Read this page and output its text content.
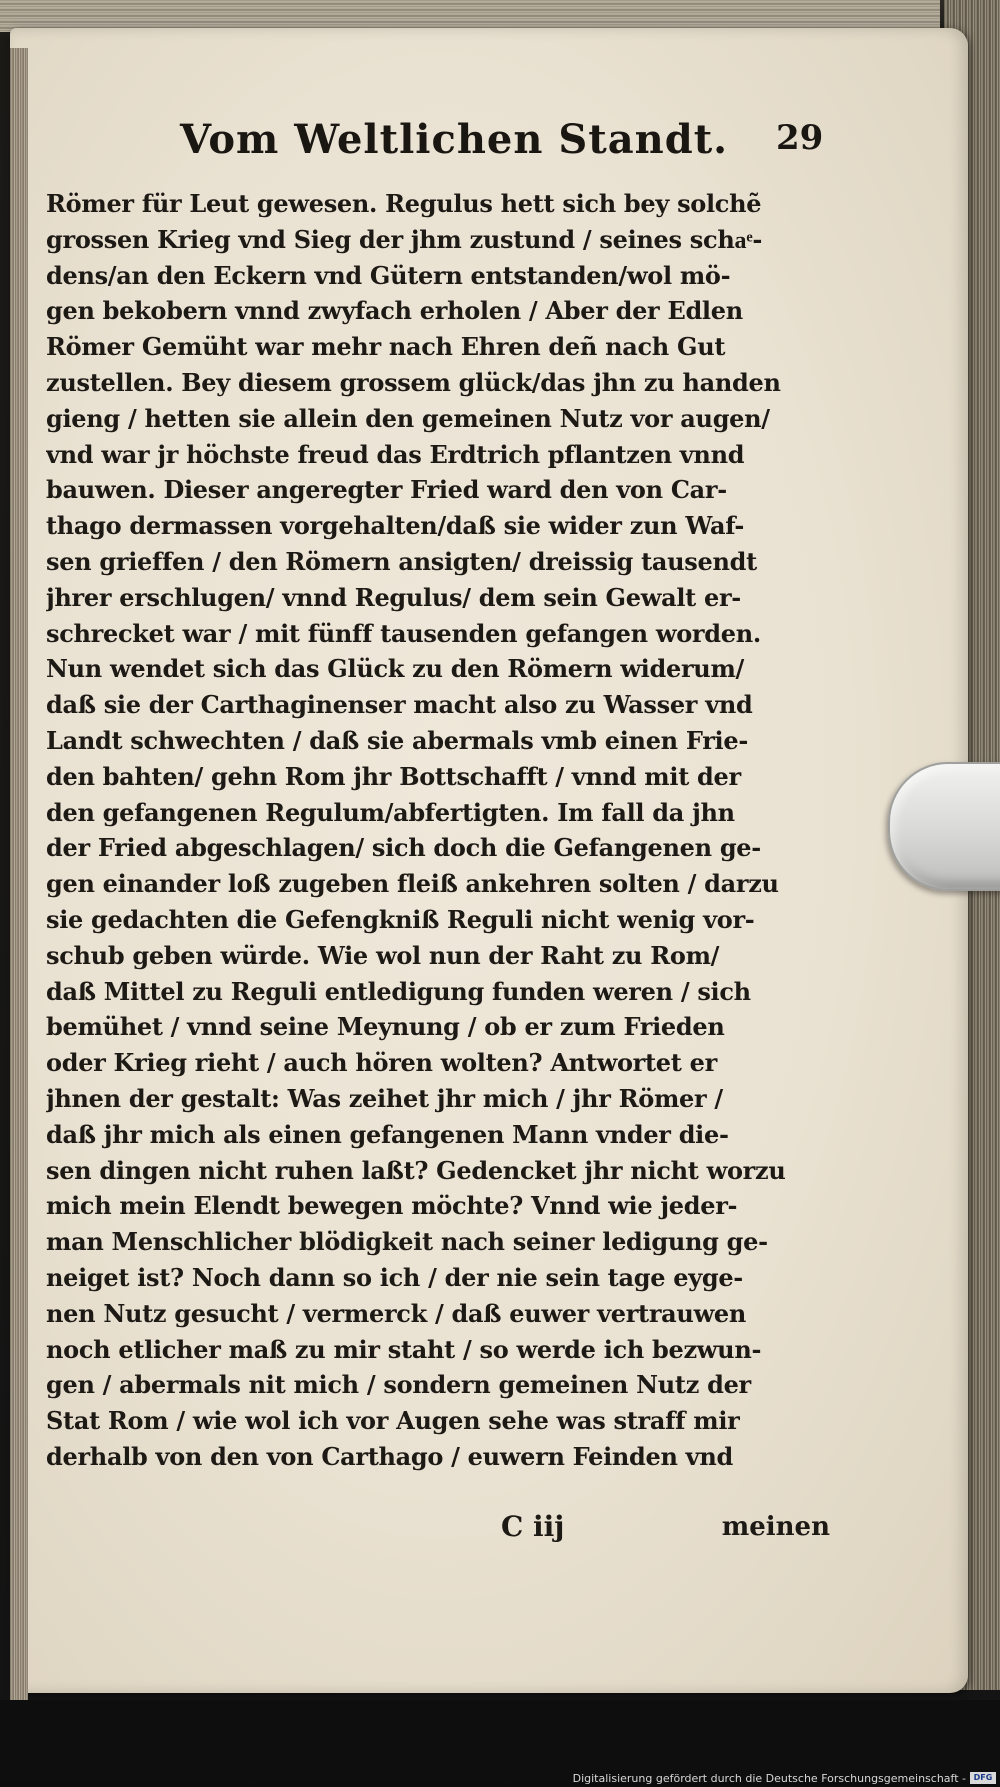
Vom Weltlichen Standt. 29
Römer für Leut gewesen. Regulus hett sich bey solchẽ
grossen Krieg vnd Sieg der jhm zustund / seines schaͤ-
dens/an den Eckern vnd Gütern entstanden/wol mö-
gen bekobern vnnd zwyfach erholen / Aber der Edlen
Römer Gemüht war mehr nach Ehren deñ nach Gut
zustellen. Bey diesem grossem glück/das jhn zu handen
gieng / hetten sie allein den gemeinen Nutz vor augen/
vnd war jr höchste freud das Erdtrich pflantzen vnnd
bauwen. Dieser angeregter Fried ward den von Car-
thago dermassen vorgehalten/daß sie wider zun Waf-
sen grieffen / den Römern ansigten/ dreissig tausendt
jhrer erschlugen/ vnnd Regulus/ dem sein Gewalt er-
schrecket war / mit fünff tausenden gefangen worden.
Nun wendet sich das Glück zu den Römern widerum/
daß sie der Carthaginenser macht also zu Wasser vnd
Landt schwechten / daß sie abermals vmb einen Frie-
den bahten/ gehn Rom jhr Bottschafft / vnnd mit der
den gefangenen Regulum/abfertigten. Im fall da jhn
der Fried abgeschlagen/ sich doch die Gefangenen ge-
gen einander loß zugeben fleiß ankehren solten / darzu
sie gedachten die Gefengkniß Reguli nicht wenig vor-
schub geben würde. Wie wol nun der Raht zu Rom/
daß Mittel zu Reguli entledigung funden weren / sich
bemühet / vnnd seine Meynung / ob er zum Frieden
oder Krieg rieht / auch hören wolten? Antwortet er
jhnen der gestalt: Was zeihet jhr mich / jhr Römer /
daß jhr mich als einen gefangenen Mann vnder die-
sen dingen nicht ruhen laßt? Gedencket jhr nicht worzu
mich mein Elendt bewegen möchte? Vnnd wie jeder-
man Menschlicher blödigkeit nach seiner ledigung ge-
neiget ist? Noch dann so ich / der nie sein tage eyge-
nen Nutz gesucht / vermerck / daß euwer vertrauwen
noch etlicher maß zu mir staht / so werde ich bezwun-
gen / abermals nit mich / sondern gemeinen Nutz der
Stat Rom / wie wol ich vor Augen sehe was straff mir
derhalb von den von Carthago / euwern Feinden vnd
C iij	meinen
Digitalisierung gefördert durch die Deutsche Forschungsgemeinschaft - DFG
